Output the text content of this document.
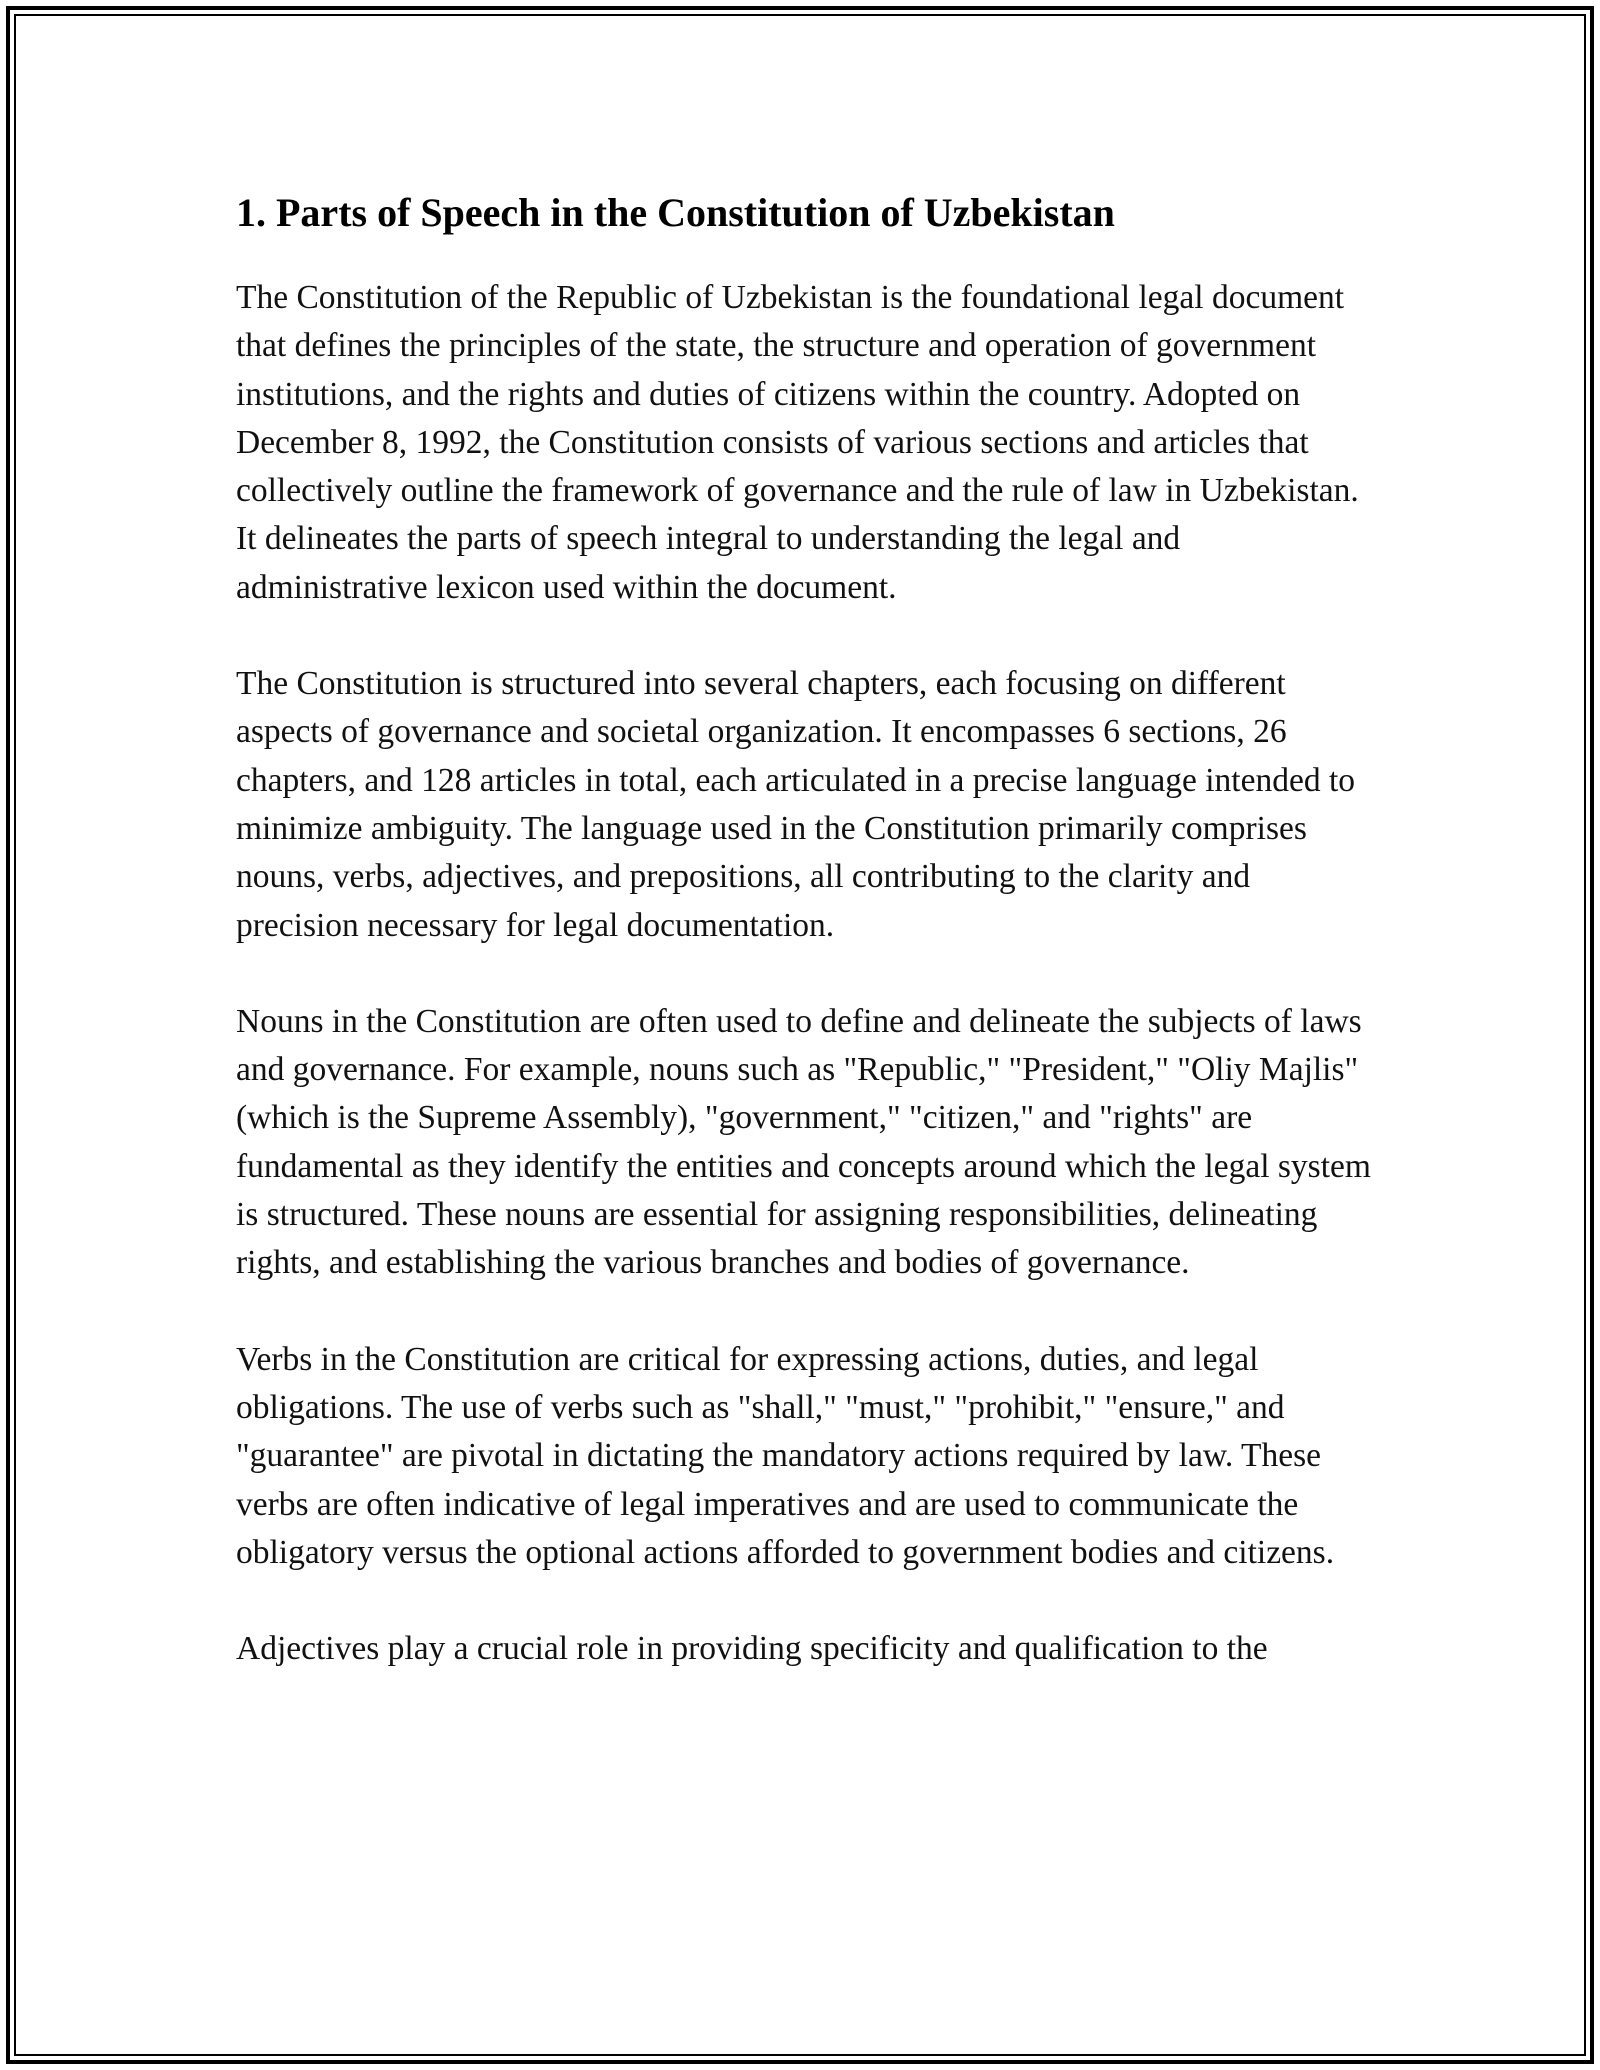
1. Parts of Speech in the Constitution of Uzbekistan

The Constitution of the Republic of Uzbekistan is the foundational legal document that defines the principles of the state, the structure and operation of government institutions, and the rights and duties of citizens within the country. Adopted on December 8, 1992, the Constitution consists of various sections and articles that collectively outline the framework of governance and the rule of law in Uzbekistan. It delineates the parts of speech integral to understanding the legal and administrative lexicon used within the document.

The Constitution is structured into several chapters, each focusing on different aspects of governance and societal organization. It encompasses 6 sections, 26 chapters, and 128 articles in total, each articulated in a precise language intended to minimize ambiguity. The language used in the Constitution primarily comprises nouns, verbs, adjectives, and prepositions, all contributing to the clarity and precision necessary for legal documentation.

Nouns in the Constitution are often used to define and delineate the subjects of laws and governance. For example, nouns such as "Republic," "President," "Oliy Majlis" (which is the Supreme Assembly), "government," "citizen," and "rights" are fundamental as they identify the entities and concepts around which the legal system is structured. These nouns are essential for assigning responsibilities, delineating rights, and establishing the various branches and bodies of governance.

Verbs in the Constitution are critical for expressing actions, duties, and legal obligations. The use of verbs such as "shall," "must," "prohibit," "ensure," and "guarantee" are pivotal in dictating the mandatory actions required by law. These verbs are often indicative of legal imperatives and are used to communicate the obligatory versus the optional actions afforded to government bodies and citizens.

Adjectives play a crucial role in providing specificity and qualification to the
